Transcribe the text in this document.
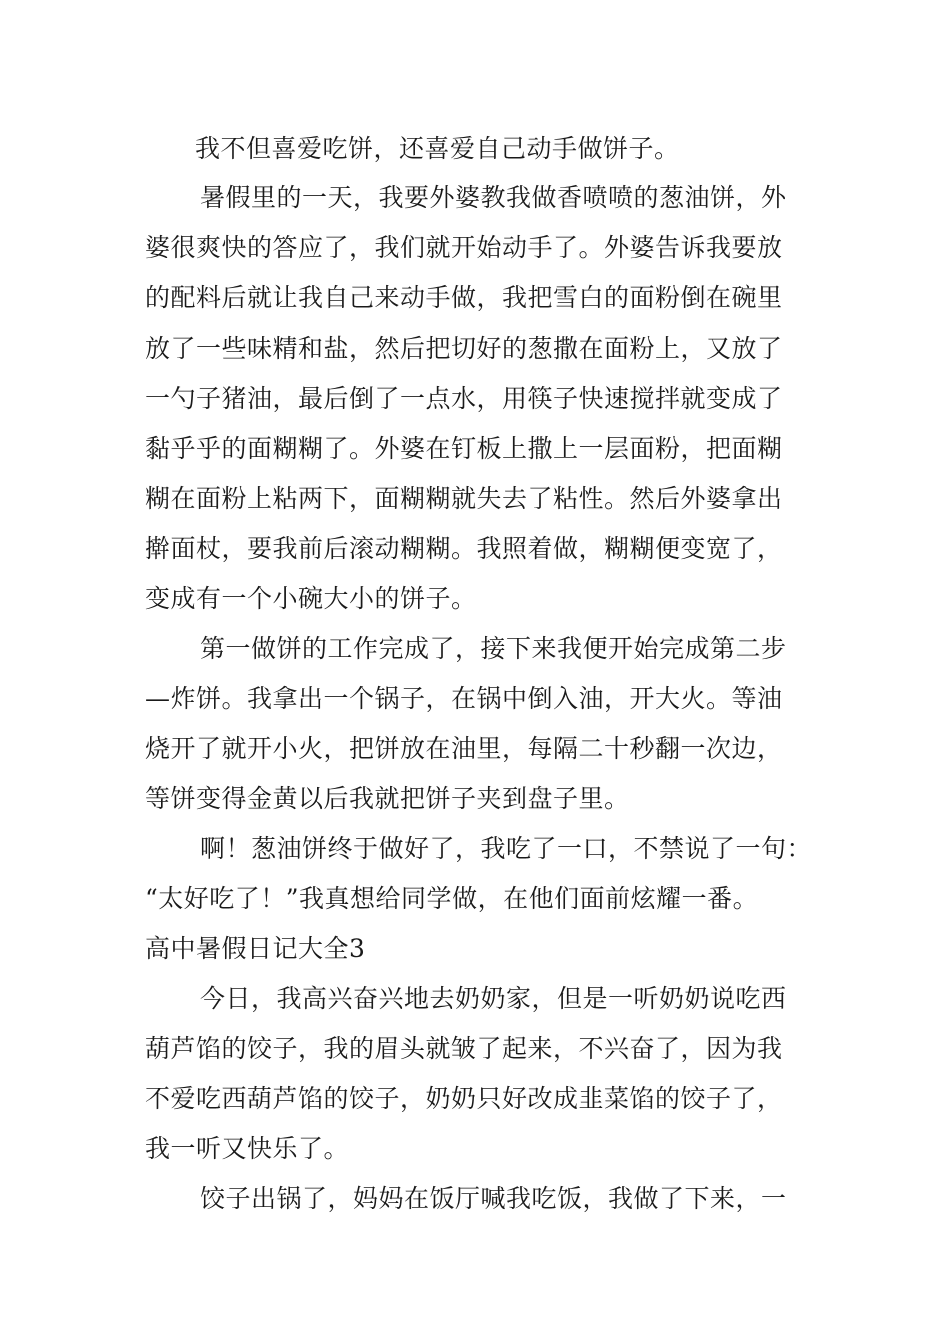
我不但喜爱吃饼，还喜爱自己动手做饼子。
暑假里的一天，我要外婆教我做香喷喷的葱油饼，外
婆很爽快的答应了，我们就开始动手了。外婆告诉我要放
的配料后就让我自己来动手做，我把雪白的面粉倒在碗里
放了一些味精和盐，然后把切好的葱撒在面粉上，又放了
一勺子猪油，最后倒了一点水，用筷子快速搅拌就变成了
黏乎乎的面糊糊了。外婆在钉板上撒上一层面粉，把面糊
糊在面粉上粘两下，面糊糊就失去了粘性。然后外婆拿出
擀面杖，要我前后滚动糊糊。我照着做，糊糊便变宽了，
变成有一个小碗大小的饼子。
第一做饼的工作完成了，接下来我便开始完成第二步
—炸饼。我拿出一个锅子，在锅中倒入油，开大火。等油
烧开了就开小火，把饼放在油里，每隔二十秒翻一次边，
等饼变得金黄以后我就把饼子夹到盘子里。
啊！葱油饼终于做好了，我吃了一口，不禁说了一句：
“太好吃了！”我真想给同学做，在他们面前炫耀一番。
高中暑假日记大全3
今日，我高兴奋兴地去奶奶家，但是一听奶奶说吃西
葫芦馅的饺子，我的眉头就皱了起来，不兴奋了，因为我
不爱吃西葫芦馅的饺子，奶奶只好改成韭菜馅的饺子了，
我一听又快乐了。
饺子出锅了，妈妈在饭厅喊我吃饭，我做了下来，一
